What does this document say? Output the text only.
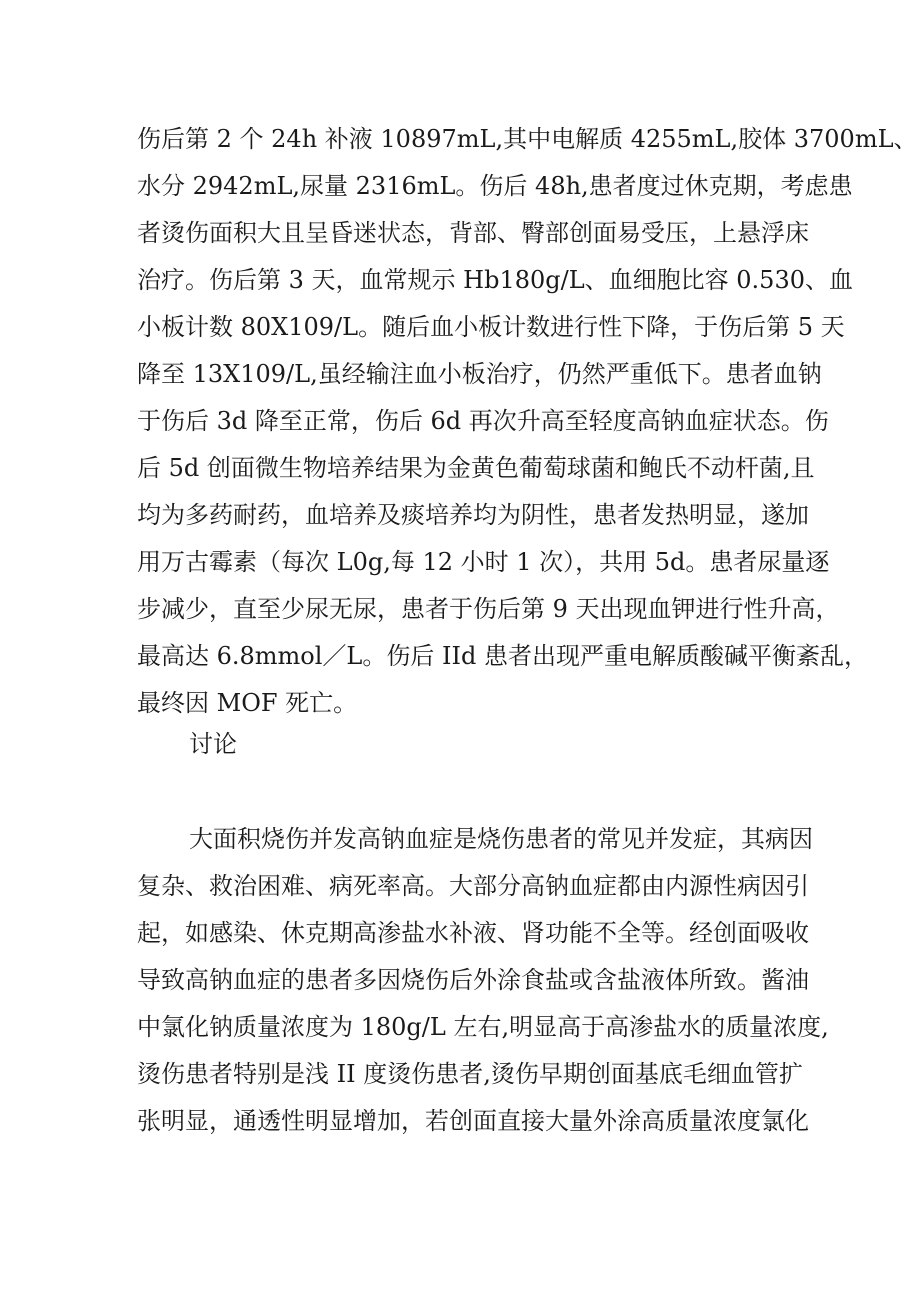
伤后第 2 个 24h 补液 10897mL,其中电解质 4255mL,胶体 3700mL、
水分 2942mL,尿量 2316mL。伤后 48h,患者度过休克期，考虑患
者烫伤面积大且呈昏迷状态，背部、臀部创面易受压，上悬浮床
治疗。伤后第 3 天，血常规示 Hb180g/L、血细胞比容 0.530、血
小板计数 80X109/L。随后血小板计数进行性下降，于伤后第 5 天
降至 13X109/L,虽经输注血小板治疗，仍然严重低下。患者血钠
于伤后 3d 降至正常，伤后 6d 再次升高至轻度高钠血症状态。伤
后 5d 创面微生物培养结果为金黄色葡萄球菌和鲍氏不动杆菌,且
均为多药耐药，血培养及痰培养均为阴性，患者发热明显，遂加
用万古霉素（每次 L0g,每 12 小时 1 次），共用 5d。患者尿量逐
步减少，直至少尿无尿，患者于伤后第 9 天出现血钾进行性升高，
最高达 6.8mmol／L。伤后 IId 患者出现严重电解质酸碱平衡紊乱，
最终因 MOF 死亡。
讨论
大面积烧伤并发高钠血症是烧伤患者的常见并发症，其病因
复杂、救治困难、病死率高。大部分高钠血症都由内源性病因引
起，如感染、休克期高渗盐水补液、肾功能不全等。经创面吸收
导致高钠血症的患者多因烧伤后外涂食盐或含盐液体所致。酱油
中氯化钠质量浓度为 180g/L 左右,明显高于高渗盐水的质量浓度,
烫伤患者特别是浅 II 度烫伤患者,烫伤早期创面基底毛细血管扩
张明显，通透性明显增加，若创面直接大量外涂高质量浓度氯化
